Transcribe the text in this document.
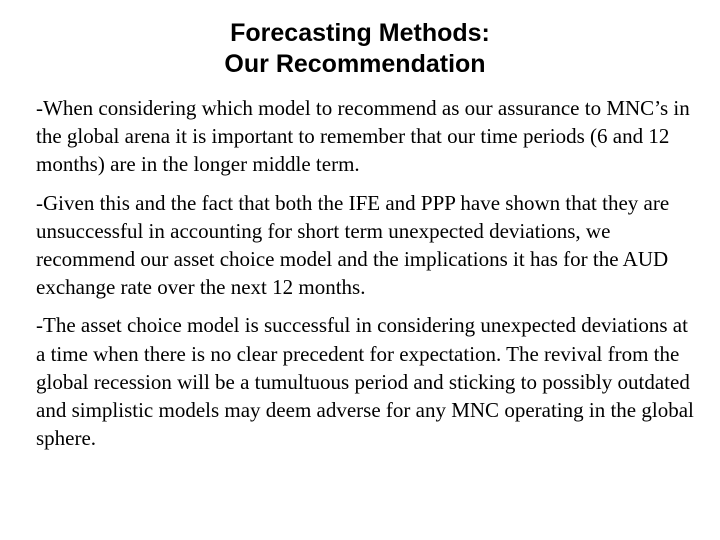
Forecasting Methods:
Our Recommendation

-When considering which model to recommend as our assurance to MNC’s in the global arena it is important to remember that our time periods (6 and 12 months) are in the longer middle term.

-Given this and the fact that both the IFE and PPP have shown that they are unsuccessful in accounting for short term unexpected deviations, we recommend our asset choice model and the implications it has for the AUD exchange rate over the next 12 months.

-The asset choice model is successful in considering unexpected deviations at a time when there is no clear precedent for expectation. The revival from the global recession will be a tumultuous period and sticking to possibly outdated and simplistic models may deem adverse for any MNC operating in the global sphere.
